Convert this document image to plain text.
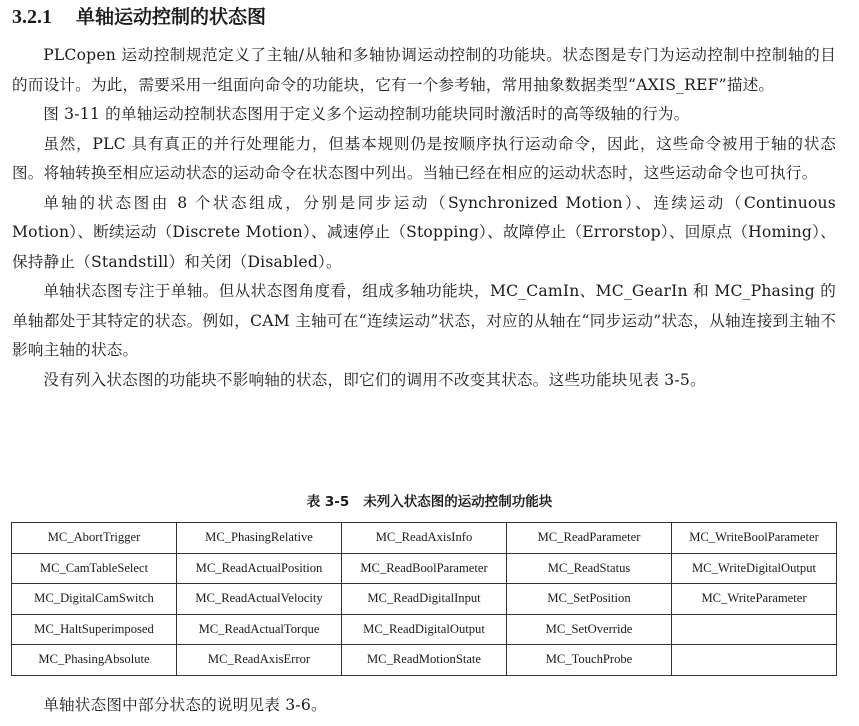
3.2.1 单轴运动控制的状态图

PLCopen 运动控制规范定义了主轴/从轴和多轴协调运动控制的功能块。状态图是专门为运动控制中控制轴的目的而设计。为此，需要采用一组面向命令的功能块，它有一个参考轴，常用抽象数据类型“AXIS_REF”描述。

图 3-11 的单轴运动控制状态图用于定义多个运动控制功能块同时激活时的高等级轴的行为。

虽然，PLC 具有真正的并行处理能力，但基本规则仍是按顺序执行运动命令，因此，这些命令被用于轴的状态图。将轴转换至相应运动状态的运动命令在状态图中列出。当轴已经在相应的运动状态时，这些运动命令也可执行。

单轴的状态图由 8 个状态组成，分别是同步运动（Synchronized Motion）、连续运动（Continuous Motion）、断续运动（Discrete Motion）、减速停止（Stopping）、故障停止（Errorstop）、回原点（Homing）、保持静止（Standstill）和关闭（Disabled）。

单轴状态图专注于单轴。但从状态图角度看，组成多轴功能块，MC_CamIn、MC_GearIn 和 MC_Phasing 的单轴都处于其特定的状态。例如，CAM 主轴可在“连续运动”状态，对应的从轴在“同步运动”状态，从轴连接到主轴不影响主轴的状态。

没有列入状态图的功能块不影响轴的状态，即它们的调用不改变其状态。这些功能块见表 3-5。

表 3-5 未列入状态图的运动控制功能块

MC_AbortTrigger	MC_PhasingRelative	MC_ReadAxisInfo	MC_ReadParameter	MC_WriteBoolParameter
MC_CamTableSelect	MC_ReadActualPosition	MC_ReadBoolParameter	MC_ReadStatus	MC_WriteDigitalOutput
MC_DigitalCamSwitch	MC_ReadActualVelocity	MC_ReadDigitalInput	MC_SetPosition	MC_WriteParameter
MC_HaltSuperimposed	MC_ReadActualTorque	MC_ReadDigitalOutput	MC_SetOverride	
MC_PhasingAbsolute	MC_ReadAxisError	MC_ReadMotionState	MC_TouchProbe	

单轴状态图中部分状态的说明见表 3-6。
